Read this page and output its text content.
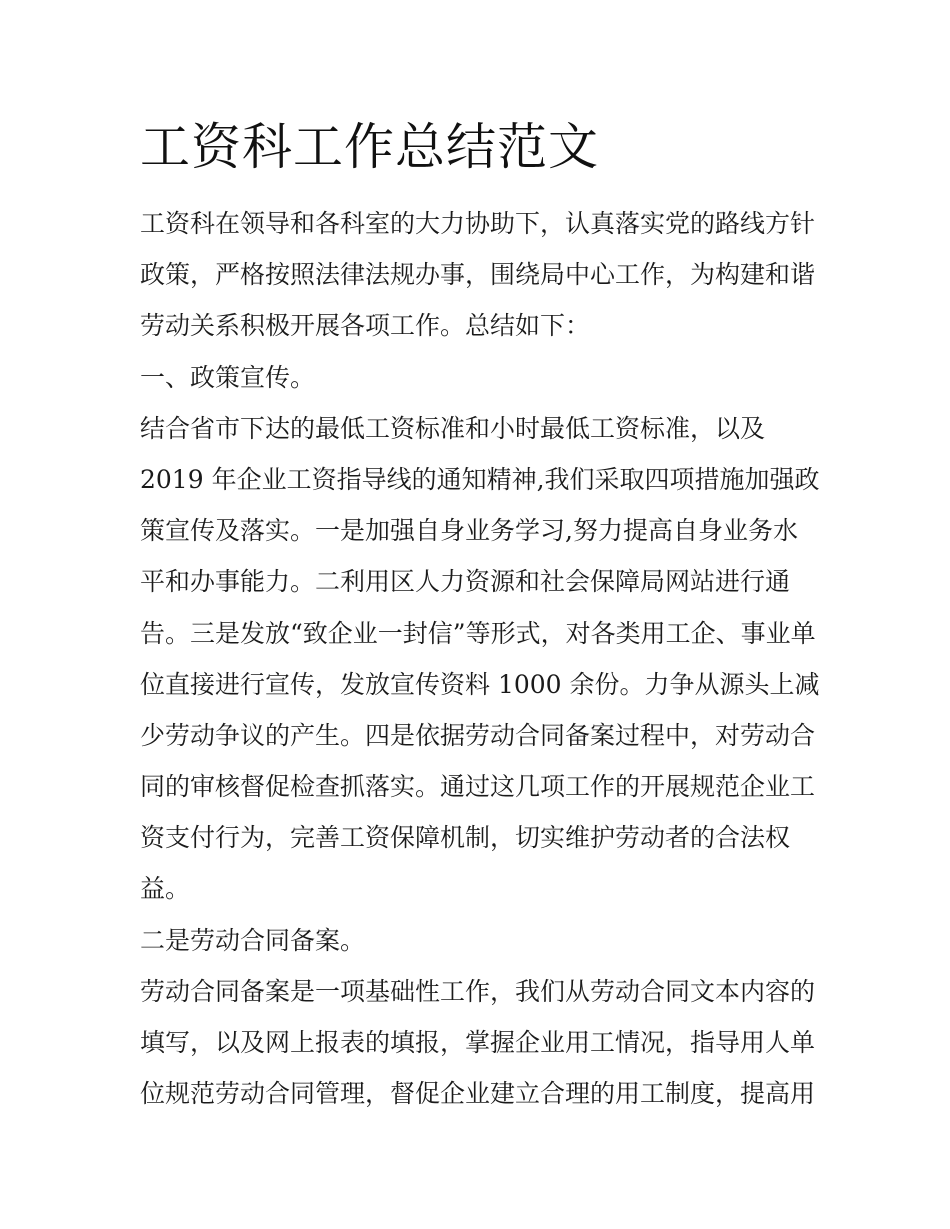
工资科工作总结范文
工资科在领导和各科室的大力协助下，认真落实党的路线方针
政策，严格按照法律法规办事，围绕局中心工作，为构建和谐
劳动关系积极开展各项工作。总结如下：
一、政策宣传。
结合省市下达的最低工资标准和小时最低工资标准，以及
2019 年企业工资指导线的通知精神,我们采取四项措施加强政
策宣传及落实。一是加强自身业务学习,努力提高自身业务水
平和办事能力。二利用区人力资源和社会保障局网站进行通
告。三是发放“致企业一封信”等形式，对各类用工企、事业单
位直接进行宣传，发放宣传资料 1000 余份。力争从源头上减
少劳动争议的产生。四是依据劳动合同备案过程中，对劳动合
同的审核督促检查抓落实。通过这几项工作的开展规范企业工
资支付行为，完善工资保障机制，切实维护劳动者的合法权
益。
二是劳动合同备案。
劳动合同备案是一项基础性工作，我们从劳动合同文本内容的
填写，以及网上报表的填报，掌握企业用工情况，指导用人单
位规范劳动合同管理，督促企业建立合理的用工制度，提高用
